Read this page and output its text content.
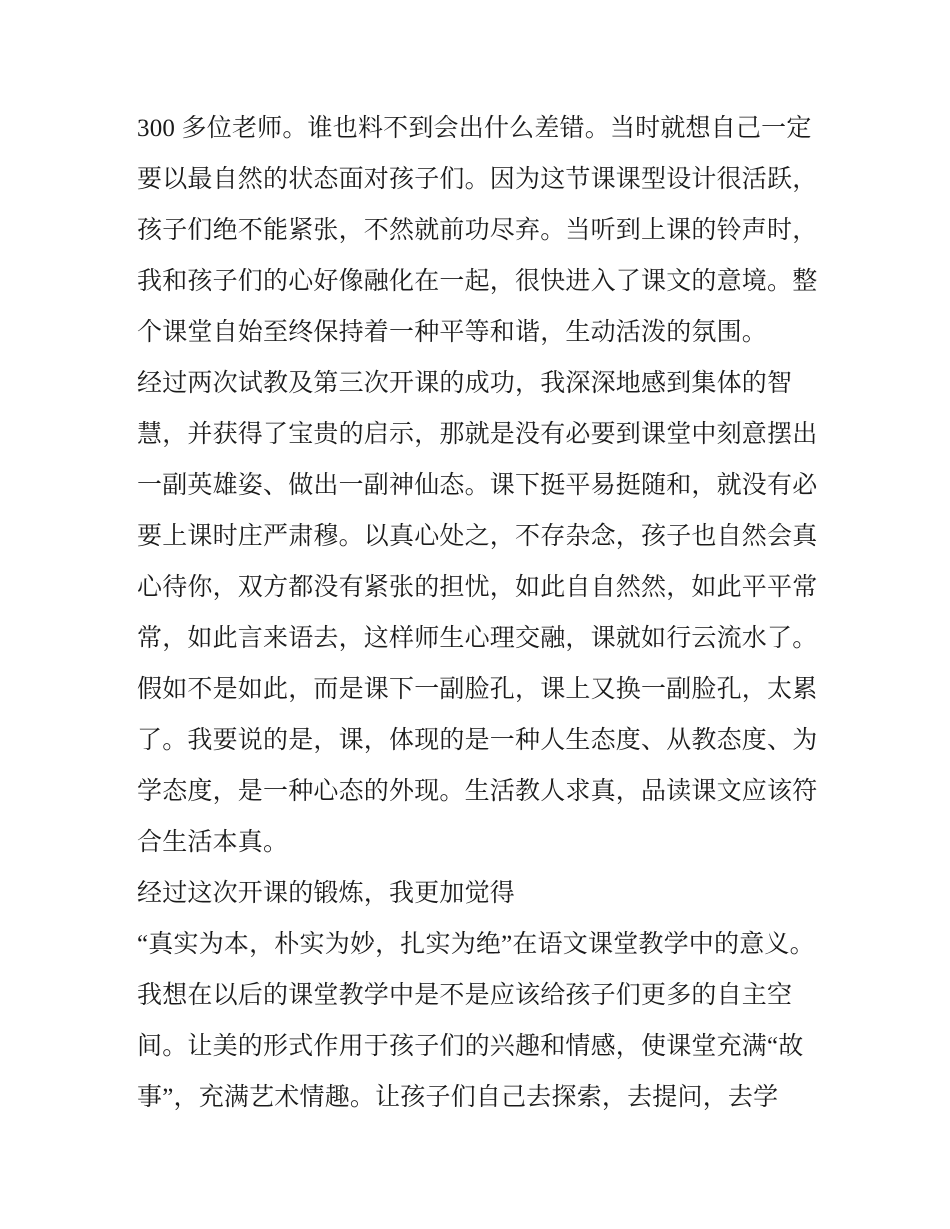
300 多位老师。谁也料不到会出什么差错。当时就想自己一定
要以最自然的状态面对孩子们。因为这节课课型设计很活跃，
孩子们绝不能紧张，不然就前功尽弃。当听到上课的铃声时，
我和孩子们的心好像融化在一起，很快进入了课文的意境。整
个课堂自始至终保持着一种平等和谐，生动活泼的氛围。
经过两次试教及第三次开课的成功，我深深地感到集体的智
慧，并获得了宝贵的启示，那就是没有必要到课堂中刻意摆出
一副英雄姿、做出一副神仙态。课下挺平易挺随和，就没有必
要上课时庄严肃穆。以真心处之，不存杂念，孩子也自然会真
心待你，双方都没有紧张的担忧，如此自自然然，如此平平常
常，如此言来语去，这样师生心理交融，课就如行云流水了。
假如不是如此，而是课下一副脸孔，课上又换一副脸孔，太累
了。我要说的是，课，体现的是一种人生态度、从教态度、为
学态度，是一种心态的外现。生活教人求真，品读课文应该符
合生活本真。
经过这次开课的锻炼，我更加觉得
“真实为本，朴实为妙，扎实为绝”在语文课堂教学中的意义。
我想在以后的课堂教学中是不是应该给孩子们更多的自主空
间。让美的形式作用于孩子们的兴趣和情感，使课堂充满“故
事”，充满艺术情趣。让孩子们自己去探索，去提问，去学
